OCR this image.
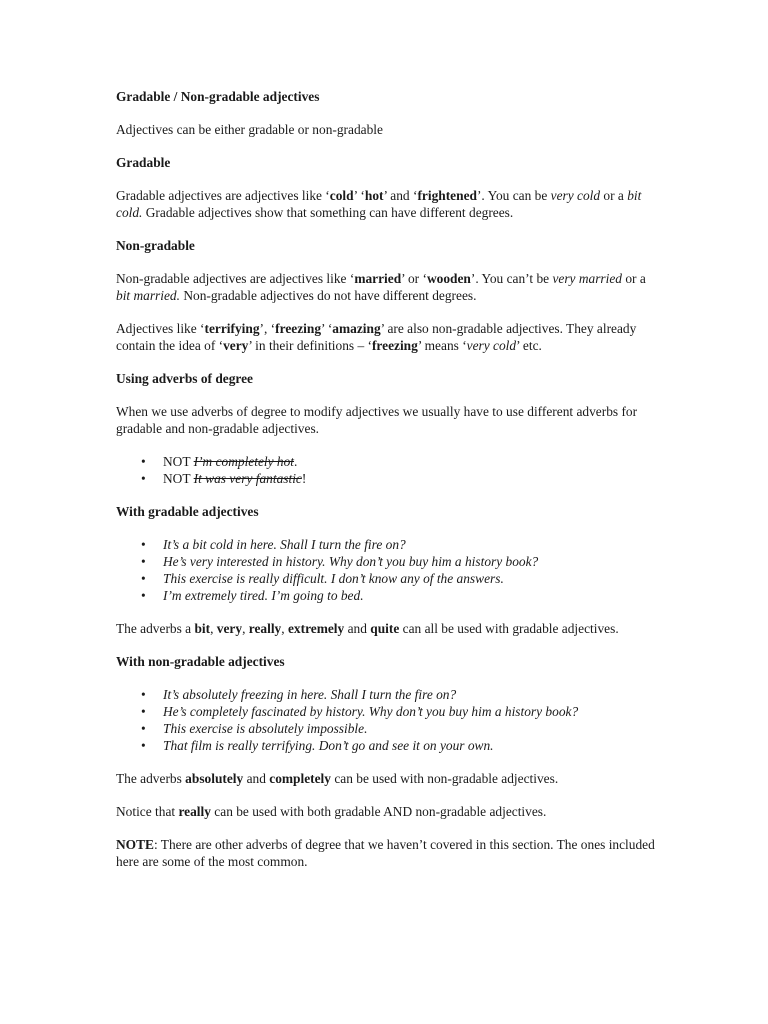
Gradable / Non-gradable adjectives

Adjectives can be either gradable or non-gradable

Gradable

Gradable adjectives are adjectives like ‘cold’ ‘hot’ and ‘frightened’. You can be very cold or a bit cold. Gradable adjectives show that something can have different degrees.

Non-gradable

Non-gradable adjectives are adjectives like ‘married’ or ‘wooden’. You can’t be very married or a bit married. Non-gradable adjectives do not have different degrees.

Adjectives like ‘terrifying’, ‘freezing’ ‘amazing’ are also non-gradable adjectives. They already contain the idea of ‘very’ in their definitions – ‘freezing’ means ‘very cold’ etc.

Using adverbs of degree

When we use adverbs of degree to modify adjectives we usually have to use different adverbs for gradable and non-gradable adjectives.

• NOT I’m completely hot.
• NOT It was very fantastic!
With gradable adjectives
• It’s a bit cold in here. Shall I turn the fire on?
• He’s very interested in history. Why don’t you buy him a history book?
• This exercise is really difficult. I don’t know any of the answers.
• I’m extremely tired. I’m going to bed.

The adverbs a bit, very, really, extremely and quite can all be used with gradable adjectives.

With non-gradable adjectives
• It’s absolutely freezing in here. Shall I turn the fire on?
• He’s completely fascinated by history. Why don’t you buy him a history book?
• This exercise is absolutely impossible.
• That film is really terrifying. Don’t go and see it on your own.

The adverbs absolutely and completely can be used with non-gradable adjectives.

Notice that really can be used with both gradable AND non-gradable adjectives.

NOTE: There are other adverbs of degree that we haven’t covered in this section. The ones included here are some of the most common.
